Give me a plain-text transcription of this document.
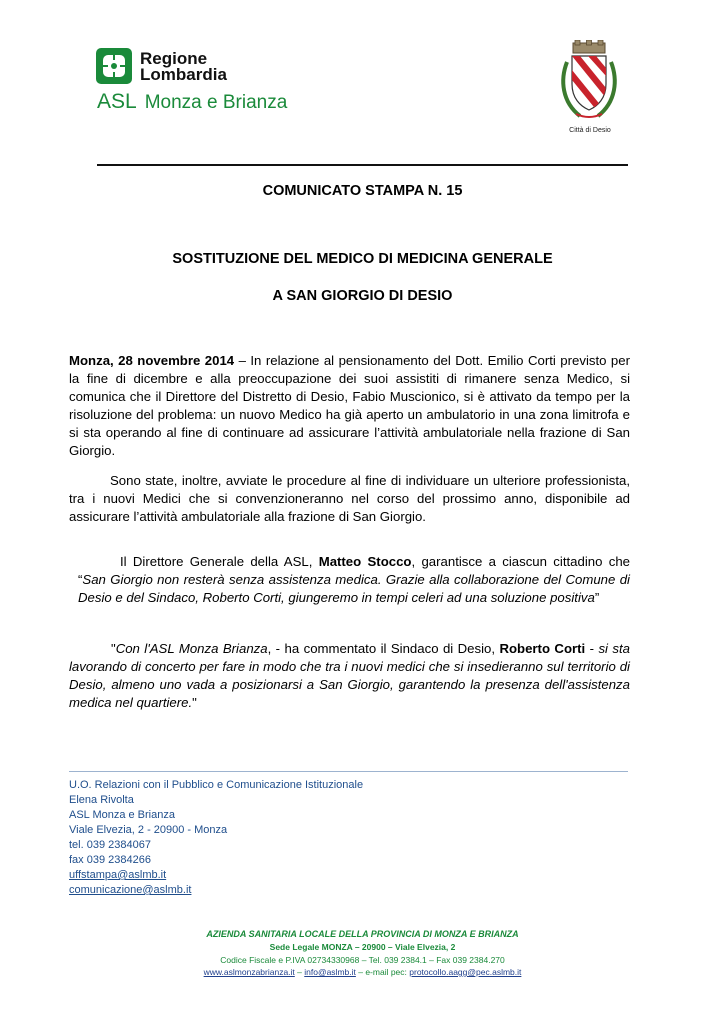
Regione
Lombardia
ASL Monza e Brianza
Città di Desio
COMUNICATO STAMPA N. 15
SOSTITUZIONE DEL MEDICO DI MEDICINA GENERALE
A SAN GIORGIO DI DESIO
Monza, 28 novembre 2014 – In relazione al pensionamento del Dott. Emilio Corti previsto per la fine di dicembre e alla preoccupazione dei suoi assistiti di rimanere senza Medico, si comunica che il Direttore del Distretto di Desio, Fabio Muscionico, si è attivato da tempo per la risoluzione del problema: un nuovo Medico ha già aperto un ambulatorio in una zona limitrofa e si sta operando al fine di continuare ad assicurare l’attività ambulatoriale nella frazione di San Giorgio.
Sono state, inoltre, avviate le procedure al fine di individuare un ulteriore professionista, tra i nuovi Medici che si convenzioneranno nel corso del prossimo anno, disponibile ad assicurare l’attività ambulatoriale alla frazione di San Giorgio.
Il Direttore Generale della ASL, Matteo Stocco, garantisce a ciascun cittadino che “San Giorgio non resterà senza assistenza medica. Grazie alla collaborazione del Comune di Desio e del Sindaco, Roberto Corti, giungeremo in tempi celeri ad una soluzione positiva”
"Con l'ASL Monza Brianza, - ha commentato il Sindaco di Desio, Roberto Corti - si sta lavorando di concerto per fare in modo che tra i nuovi medici che si insedieranno sul territorio di Desio, almeno uno vada a posizionarsi a San Giorgio, garantendo la presenza dell'assistenza medica nel quartiere."
U.O. Relazioni con il Pubblico e Comunicazione Istituzionale
Elena Rivolta
ASL Monza e Brianza
Viale Elvezia, 2 - 20900 - Monza
tel. 039 2384067
fax 039 2384266
uffstampa@aslmb.it
comunicazione@aslmb.it
AZIENDA SANITARIA LOCALE DELLA PROVINCIA DI MONZA E BRIANZA
Sede Legale MONZA – 20900 – Viale Elvezia, 2
Codice Fiscale e P.IVA 02734330968 – Tel. 039 2384.1 – Fax 039 2384.270
www.aslmonzabrianza.it – info@aslmb.it – e-mail pec: protocollo.aagg@pec.aslmb.it
